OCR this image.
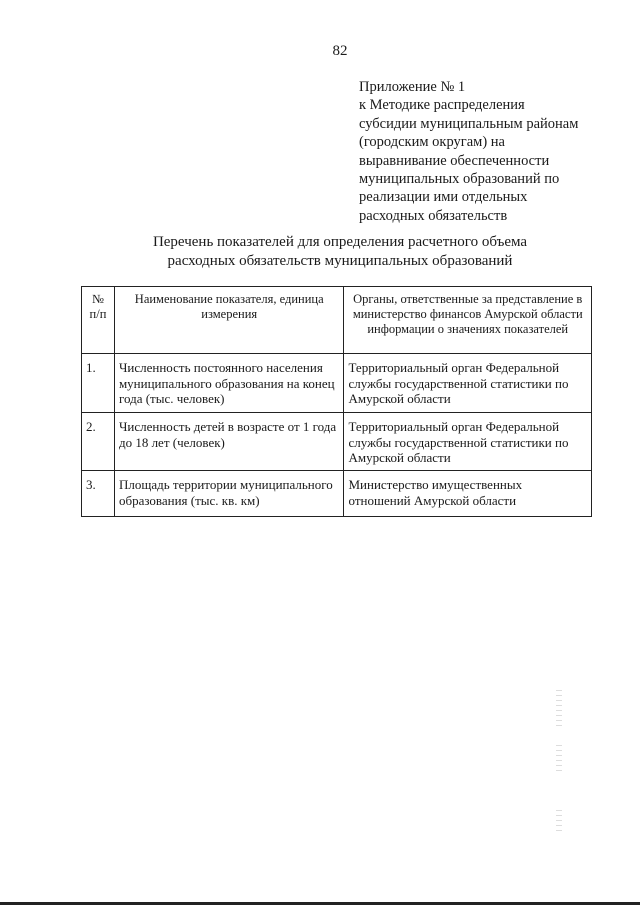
82
Приложение № 1
к Методике распределения
субсидии муниципальным районам
(городским округам) на
выравнивание обеспеченности
муниципальных образований по
реализации ими отдельных
расходных обязательств
Перечень показателей для определения расчетного объема
расходных обязательств муниципальных образований
№ п/п	Наименование показателя, единица измерения	Органы, ответственные за представление в министерство финансов Амурской области информации о значениях показателей
1.	Численность постоянного населения муниципального образования на конец года (тыс. человек)	Территориальный орган Федеральной службы государственной статистики по Амурской области
2.	Численность детей в возрасте от 1 года до 18 лет (человек)	Территориальный орган Федеральной службы государственной статистики по Амурской области
3.	Площадь территории муниципального образования (тыс. кв. км)	Министерство имущественных отношений Амурской области
